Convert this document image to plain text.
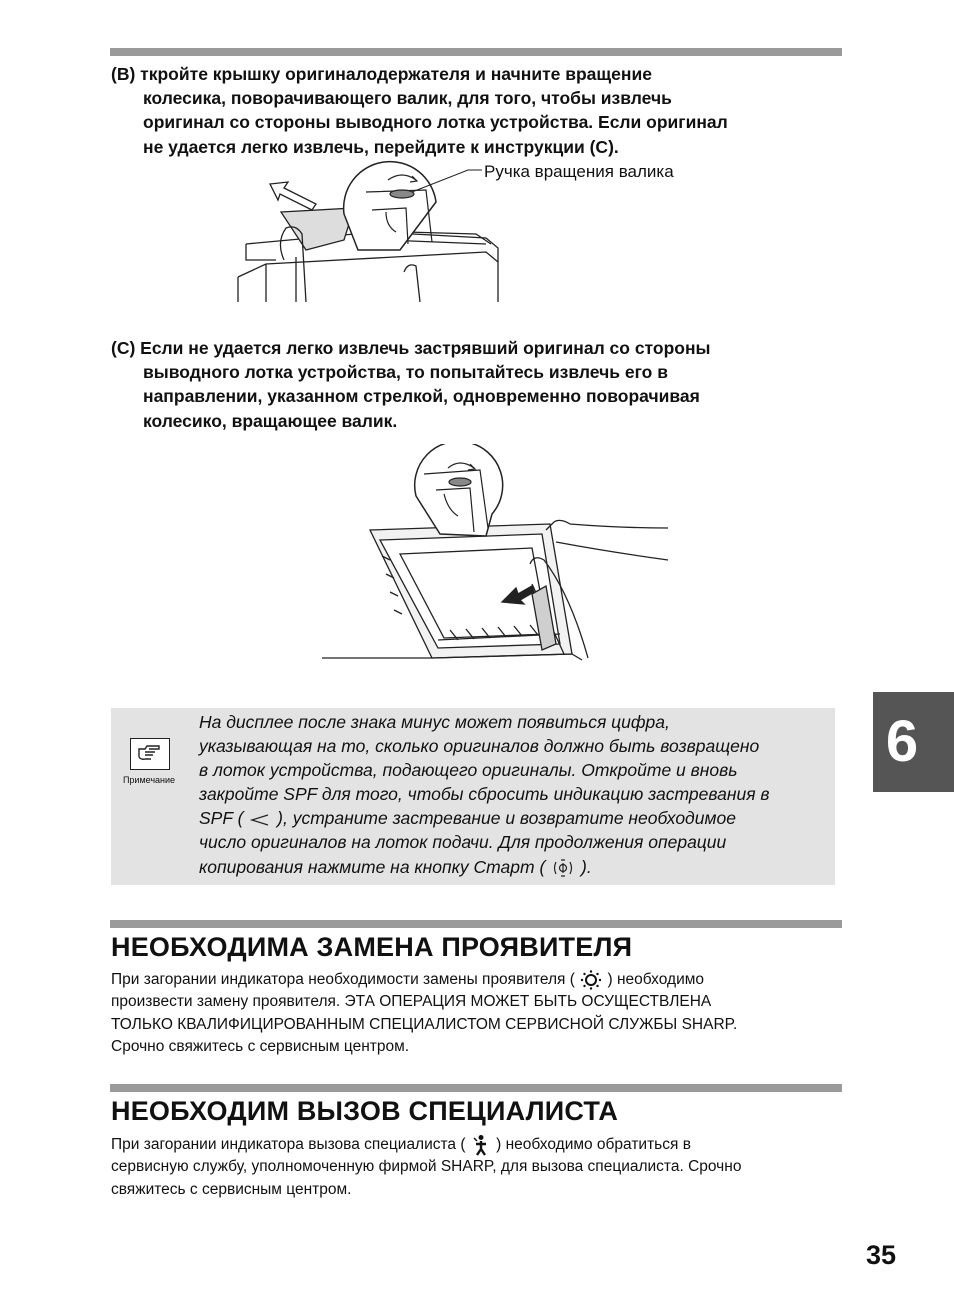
(B) ткройте крышку оригиналодержателя и начните вращение

колесика, поворачивающего валик, для того, чтобы извлечь

оригинал со стороны выводного лотка устройства. Если оригинал

не удается легко извлечь, перейдите к инструкции (C).

Ручка вращения валика

(C) Если не удается легко извлечь застрявший оригинал со стороны

выводного лотка устройства, то попытайтесь извлечь его в

направлении, указанном стрелкой, одновременно поворачивая

колесико, вращающее валик.

Примечание

На дисплее после знака минус может появиться цифра,

указывающая на то, сколько оригиналов должно быть возвращено

в лоток устройства, подающего оригиналы. Откройте и вновь

закройте SPF для того, чтобы сбросить индикацию застревания в

SPF ( ), устраните застревание и возвратите необходимое

число оригиналов на лоток подачи. Для продолжения операции

копирования нажмите на кнопку Старт ( ).

6
НЕОБХОДИМА ЗАМЕНА ПРОЯВИТЕЛЯ

При загорании индикатора необходимости замены проявителя ( ) необходимо

произвести замену проявителя. ЭТА ОПЕРАЦИЯ МОЖЕТ БЫТЬ ОСУЩЕСТВЛЕНА

ТОЛЬКО КВАЛИФИЦИРОВАННЫМ СПЕЦИАЛИСТОМ СЕРВИСНОЙ СЛУЖБЫ SHARP.

Срочно свяжитесь с сервисным центром.

НЕОБХОДИМ ВЫЗОВ СПЕЦИАЛИСТА

При загорании индикатора вызова специалиста ( ) необходимо обратиться в

сервисную службу, уполномоченную фирмой SHARP, для вызова специалиста. Срочно

свяжитесь с сервисным центром.

35
